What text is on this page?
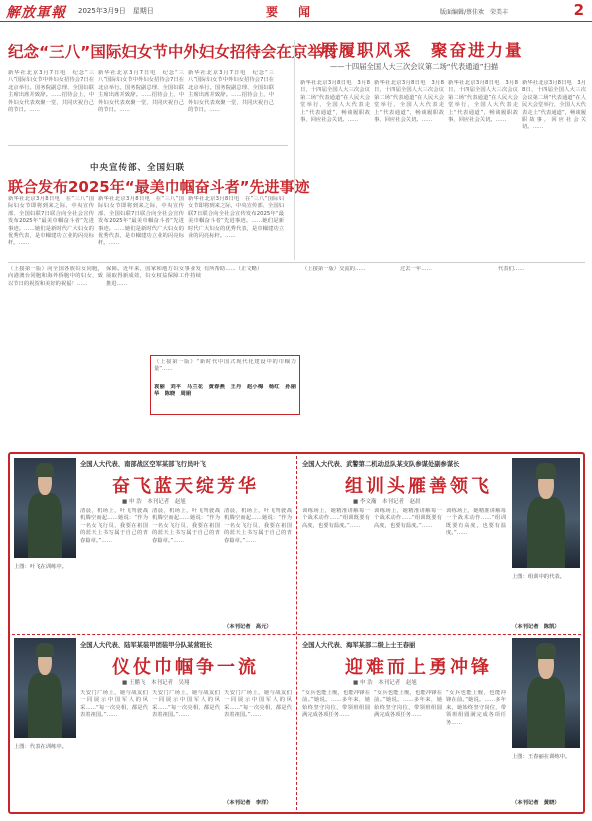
解放軍報 2025年3月9日　星期日	要　闻	版面编辑/蔡佳欢　荣美丰	2
纪念“三八”国际妇女节中外妇女招待会在京举行
新华社北京3月7日电　纪念“三八”国际妇女节中外妇女招待会7日在北京举行。国务院副总理、全国妇联主席出席并致辞。……招待会上，中外妇女代表欢聚一堂，共同庆祝自己的节日。……
新华社北京3月7日电　纪念“三八”国际妇女节中外妇女招待会7日在北京举行。国务院副总理、全国妇联主席出席并致辞。……招待会上，中外妇女代表欢聚一堂，共同庆祝自己的节日。……
新华社北京3月7日电　纪念“三八”国际妇女节中外妇女招待会7日在北京举行。国务院副总理、全国妇联主席出席并致辞。……招待会上，中外妇女代表欢聚一堂，共同庆祝自己的节日。……
中央宣传部、全国妇联
联合发布2025年“最美巾帼奋斗者”先进事迹
新华社北京3月8日电　在“三八”国际妇女节即将到来之际，中央宣传部、全国妇联7日联合向全社会宣传发布2025年“最美巾帼奋斗者”先进事迹。……她们是新时代广大妇女的优秀代表，是巾帼建功立业的闪亮标杆。……
新华社北京3月8日电　在“三八”国际妇女节即将到来之际，中央宣传部、全国妇联7日联合向全社会宣传发布2025年“最美巾帼奋斗者”先进事迹。……她们是新时代广大妇女的优秀代表，是巾帼建功立业的闪亮标杆。……
新华社北京3月8日电　在“三八”国际妇女节即将到来之际，中央宣传部、全国妇联7日联合向全社会宣传发布2025年“最美巾帼奋斗者”先进事迹。……她们是新时代广大妇女的优秀代表，是巾帼建功立业的闪亮标杆。……
展履职风采　聚奋进力量
——十四届全国人大三次会议第二场“代表通道”扫描
新华社北京3月8日电　3月8日，十四届全国人大三次会议第二场“代表通道”在人民大会堂举行，全国人大代表走上“代表通道”，畅谈履职故事，回应社会关切。……
新华社北京3月8日电　3月8日，十四届全国人大三次会议第二场“代表通道”在人民大会堂举行，全国人大代表走上“代表通道”，畅谈履职故事，回应社会关切。……
新华社北京3月8日电　3月8日，十四届全国人大三次会议第二场“代表通道”在人民大会堂举行，全国人大代表走上“代表通道”，畅谈履职故事，回应社会关切。……
新华社北京3月8日电　3月8日，十四届全国人大三次会议第二场“代表通道”在人民大会堂举行，全国人大代表走上“代表通道”，畅谈履职故事，回应社会关切。……
（上接第一版）向全国各族妇女同胞，向港澳台同胞和海外侨胞中的妇女，致以节日的祝贺和美好的祝福！……
保障。近年来，国家和地方妇女事业发展取得新成效，妇女权益保障工作持续推进……
有所帮助……（正文略）	（上接第一版）交流的……	过去一年……	代表们……
（上接第一版）“新时代中国式现代化建设中的巾帼力量”……
袁丽　刘平　马兰花　黄春燕　王丹　赵小梅　杨红　孙丽华　陈晓　周娟
全国人大代表、南部战区空军某部飞行员叶飞
奋飞蓝天绽芳华
■ 申 浩　本刊记者　赵旭
清晨，机场上，叶飞驾驶战机腾空而起……她说：“作为一名女飞行员，我要在祖国的蓝天上书写属于自己的青春篇章。”……
清晨，机场上，叶飞驾驶战机腾空而起……她说：“作为一名女飞行员，我要在祖国的蓝天上书写属于自己的青春篇章。”……
清晨，机场上，叶飞驾驶战机腾空而起……她说：“作为一名女飞行员，我要在祖国的蓝天上书写属于自己的青春篇章。”……
上图：叶飞在训练中。
（本刊记者　高元）
全国人大代表、武警第二机动总队某支队参谋处副参谋长
组训头雁善领飞
■ 李文瀚　本刊记者　赵晨
训练场上，她精准讲解每一个战术动作……“组训既要有高度，也要有温度。”……
训练场上，她精准讲解每一个战术动作……“组训既要有高度，也要有温度。”……
训练场上，她精准讲解每一个战术动作……“组训既要有高度，也要有温度。”……
上图：组训中的代表。
（本刊记者　陈凯）
全国人大代表、陆军某装甲团装甲分队某营班长
仪仗巾帼争一流
■ 王鹏飞　本刊记者　吴翔
天安门广场上，她与战友们一同展示中国军人的风采……“每一次亮相，都是代表着祖国。”……
天安门广场上，她与战友们一同展示中国军人的风采……“每一次亮相，都是代表着祖国。”……
天安门广场上，她与战友们一同展示中国军人的风采……“每一次亮相，都是代表着祖国。”……
上图：代表在训练中。
（本刊记者　李洋）
全国人大代表、海军某部二级上士王春丽
迎难而上勇冲锋
■ 申 浩　本刊记者　赵旭
“女兵也能上舰，也能冲锋在前。”她说。……多年来，她始终坚守岗位，带领班组圆满完成各项任务……
“女兵也能上舰，也能冲锋在前。”她说。……多年来，她始终坚守岗位，带领班组圆满完成各项任务……
“女兵也能上舰，也能冲锋在前。”她说。……多年来，她始终坚守岗位，带领班组圆满完成各项任务……
上图：王春丽在训练中。
（本刊记者　黄晓）
